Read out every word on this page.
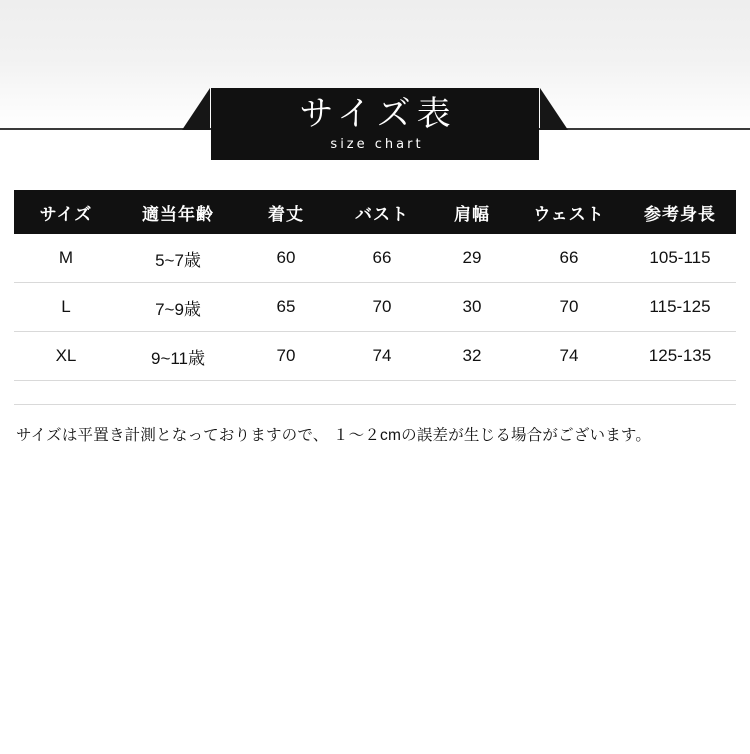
サイズ表
size chart
サイズ	適当年齢	着丈	バスト	肩幅	ウェスト	参考身長
M	5~7歳	60	66	29	66	105-115
L	7~9歳	65	70	30	70	115-125
XL	9~11歳	70	74	32	74	125-135
サイズは平置き計測となっておりますので、 １～２cmの誤差が生じる場合がございます。
